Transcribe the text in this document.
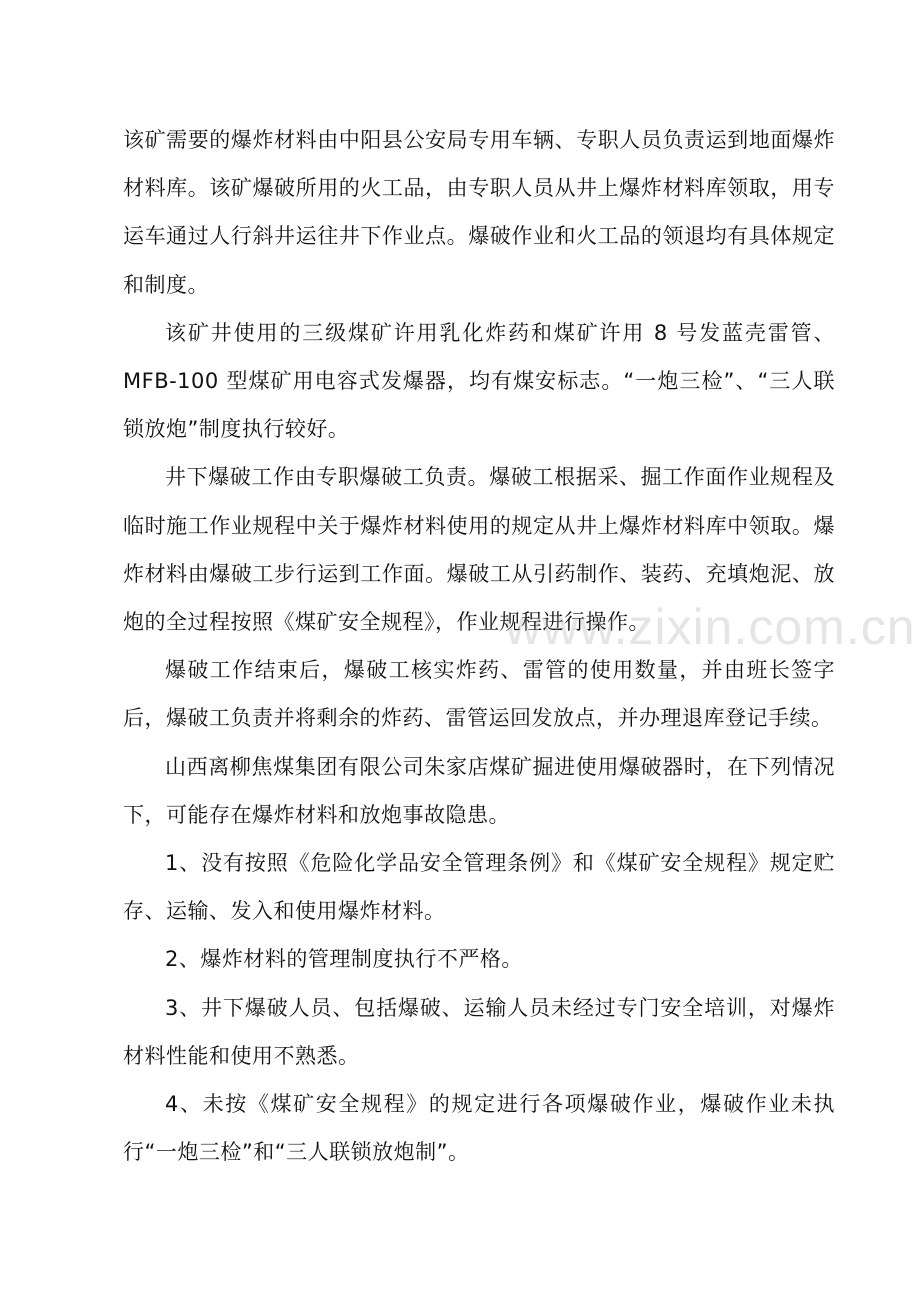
该矿需要的爆炸材料由中阳县公安局专用车辆、专职人员负责运到地面爆炸材料库。该矿爆破所用的火工品，由专职人员从井上爆炸材料库领取，用专运车通过人行斜井运往井下作业点。爆破作业和火工品的领退均有具体规定和制度。

该矿井使用的三级煤矿许用乳化炸药和煤矿许用 8 号发蓝壳雷管、MFB-100 型煤矿用电容式发爆器，均有煤安标志。“一炮三检”、“三人联锁放炮”制度执行较好。

井下爆破工作由专职爆破工负责。爆破工根据采、掘工作面作业规程及临时施工作业规程中关于爆炸材料使用的规定从井上爆炸材料库中领取。爆炸材料由爆破工步行运到工作面。爆破工从引药制作、装药、充填炮泥、放炮的全过程按照《煤矿安全规程》，作业规程进行操作。

爆破工作结束后，爆破工核实炸药、雷管的使用数量，并由班长签字后，爆破工负责并将剩余的炸药、雷管运回发放点，并办理退库登记手续。

山西离柳焦煤集团有限公司朱家店煤矿掘进使用爆破器时，在下列情况下，可能存在爆炸材料和放炮事故隐患。

1、没有按照《危险化学品安全管理条例》和《煤矿安全规程》规定贮存、运输、发入和使用爆炸材料。

2、爆炸材料的管理制度执行不严格。

3、井下爆破人员、包括爆破、运输人员未经过专门安全培训，对爆炸材料性能和使用不熟悉。

4、未按《煤矿安全规程》的规定进行各项爆破作业，爆破作业未执行“一炮三检”和“三人联锁放炮制”。

www.zixin.com.cn
